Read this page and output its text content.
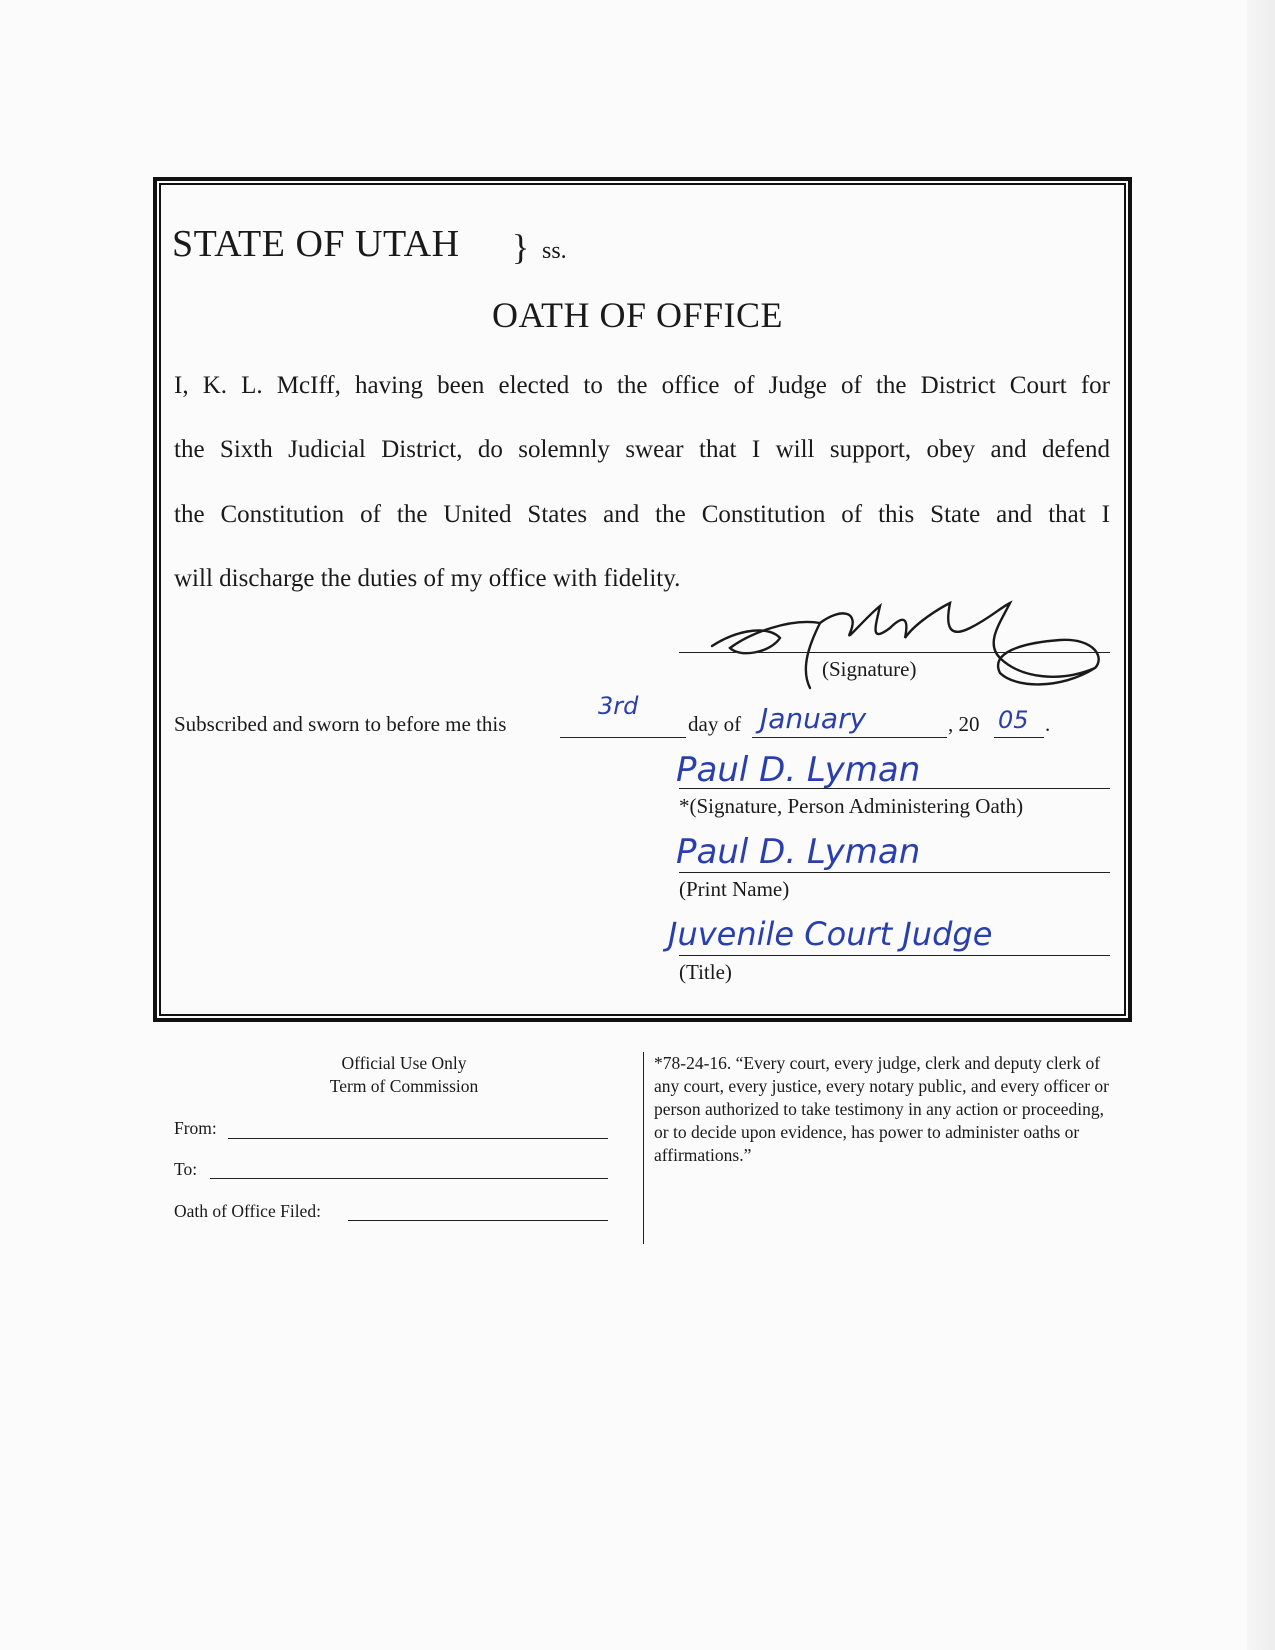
STATE OF UTAH } ss.
OATH OF OFFICE
I, K. L. McIff, having been elected to the office of Judge of the District Court for
the Sixth Judicial District, do solemnly swear that I will support, obey and defend
the Constitution of the United States and the Constitution of this State and that I
will discharge the duties of my office with fidelity.
(Signature)
Subscribed and sworn to before me this
3rd
day of January	, 20 05 .
Paul D. Lyman
*(Signature, Person Administering Oath)
Paul D. Lyman
(Print Name)
Juvenile Court Judge
(Title)
Official Use Only
Term of Commission
From:
To:
Oath of Office Filed:
*78-24-16. “Every court, every judge, clerk and deputy clerk of any court, every justice, every notary public, and every officer or person authorized to take testimony in any action or proceeding, or to decide upon evidence, has power to administer oaths or affirmations.”
